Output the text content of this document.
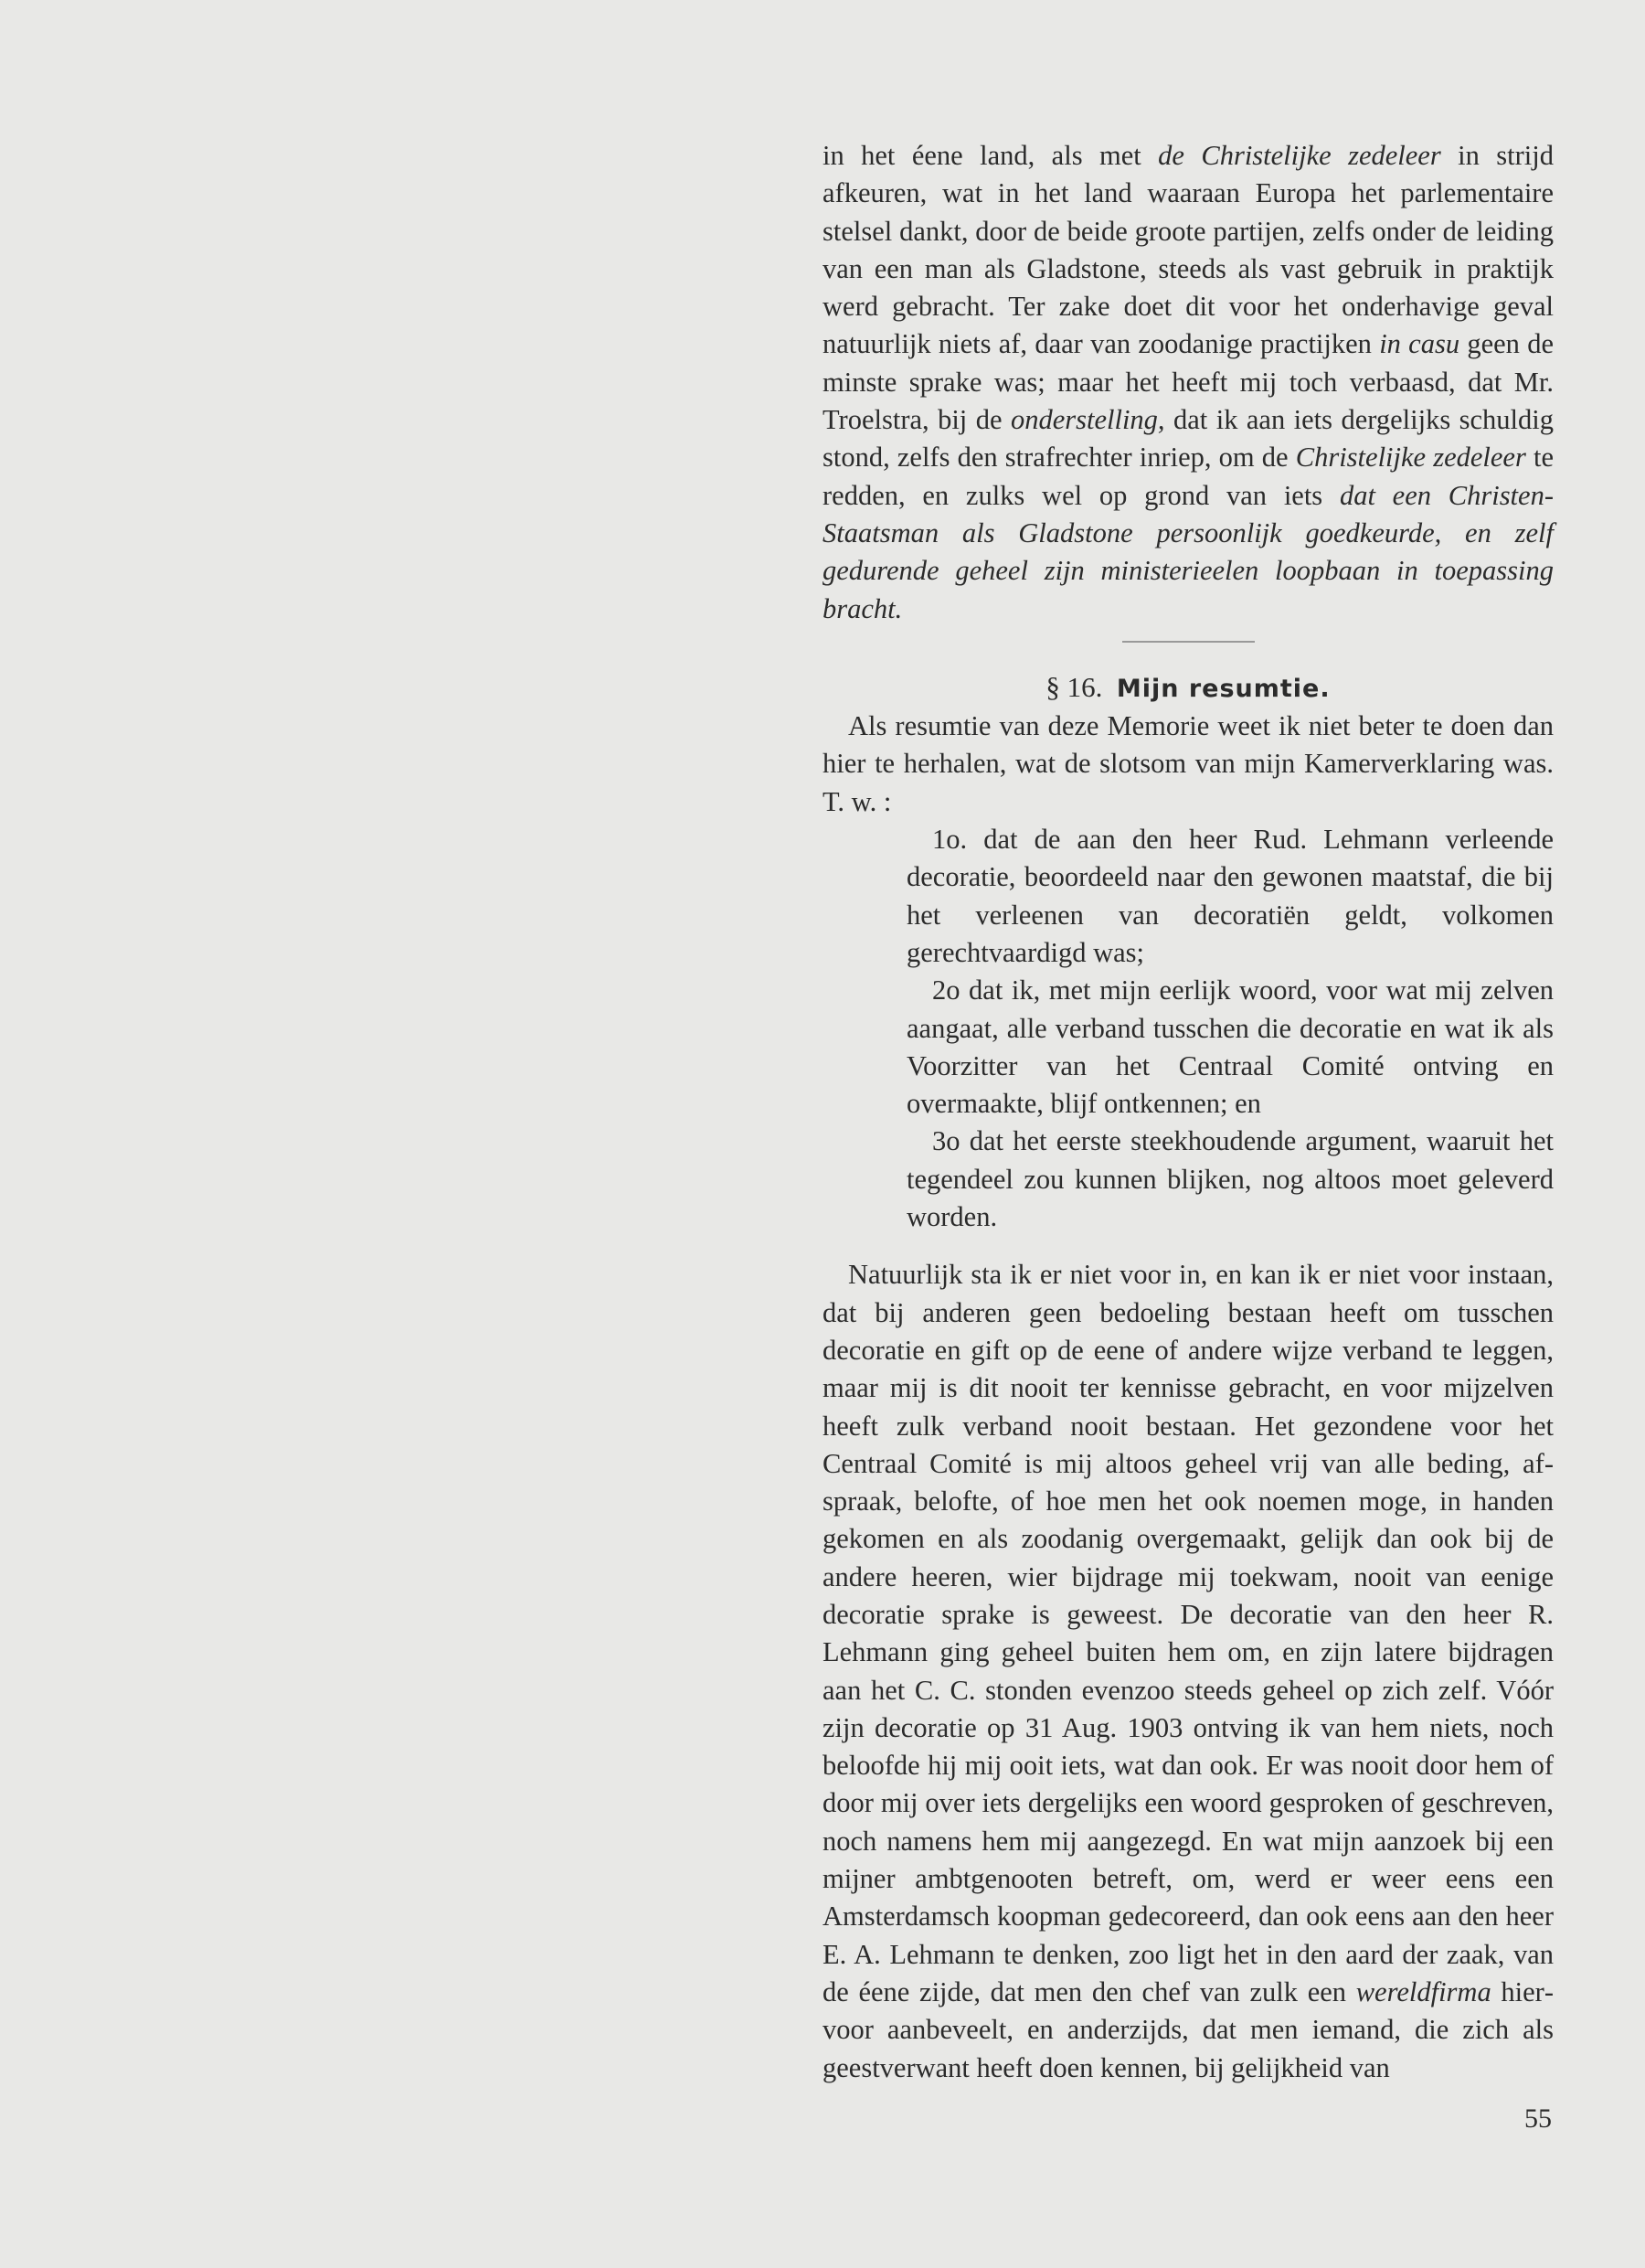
in het éene land, als met de Christelijke zedeleer in strijd afkeuren, wat in het land waaraan Europa het parlementaire stelsel dankt, door de beide groote partijen, zelfs onder de leiding van een man als Gladstone, steeds als vast gebruik in praktijk werd gebracht. Ter zake doet dit voor het onderhavige geval natuurlijk niets af, daar van zoodanige practijken in casu geen de minste sprake was; maar het heeft mij toch verbaasd, dat Mr. Troelstra, bij de onderstelling, dat ik aan iets dergelijks schuldig stond, zelfs den strafrechter inriep, om de Christelijke zedeleer te redden, en zulks wel op grond van iets dat een Christen-Staatsman als Gladstone persoonlijk goedkeurde, en zelf gedurende geheel zijn ministerieelen loopbaan in toepassing bracht.

§ 16. Mijn resumtie.

Als resumtie van deze Memorie weet ik niet beter te doen dan hier te herhalen, wat de slotsom van mijn Kamerverklaring was. T. w. :

1o. dat de aan den heer Rud. Lehmann verleende decoratie, beoordeeld naar den gewonen maatstaf, die bij het verleenen van decoratiën geldt, volkomen gerechtvaardigd was;

2o dat ik, met mijn eerlijk woord, voor wat mij zelven aangaat, alle verband tusschen die decoratie en wat ik als Voorzitter van het Centraal Comité ontving en overmaakte, blijf ontkennen; en

3o dat het eerste steekhoudende argument, waaruit het tegendeel zou kunnen blijken, nog altoos moet geleverd worden.

Natuurlijk sta ik er niet voor in, en kan ik er niet voor instaan, dat bij anderen geen bedoeling bestaan heeft om tusschen decoratie en gift op de eene of andere wijze verband te leggen, maar mij is dit nooit ter kennisse gebracht, en voor mijzelven heeft zulk verband nooit bestaan. Het gezondene voor het Centraal Comité is mij altoos geheel vrij van alle beding, afspraak, belofte, of hoe men het ook noemen moge, in handen gekomen en als zoodanig overgemaakt, gelijk dan ook bij de andere heeren, wier bijdrage mij toekwam, nooit van eenige decoratie sprake is geweest. De decoratie van den heer R. Lehmann ging geheel buiten hem om, en zijn latere bijdragen aan het C. C. stonden evenzoo steeds geheel op zich zelf. Vóór zijn decoratie op 31 Aug. 1903 ontving ik van hem niets, noch beloofde hij mij ooit iets, wat dan ook. Er was nooit door hem of door mij over iets dergelijks een woord gesproken of geschreven, noch namens hem mij aangezegd. En wat mijn aanzoek bij een mijner ambtgenooten betreft, om, werd er weer eens een Amsterdamsch koopman gedecoreerd, dan ook eens aan den heer E. A. Lehmann te denken, zoo ligt het in den aard der zaak, van de éene zijde, dat men den chef van zulk een wereldfirma hiervoor aanbeveelt, en anderzijds, dat men iemand, die zich als geestverwant heeft doen kennen, bij gelijkheid van

55
